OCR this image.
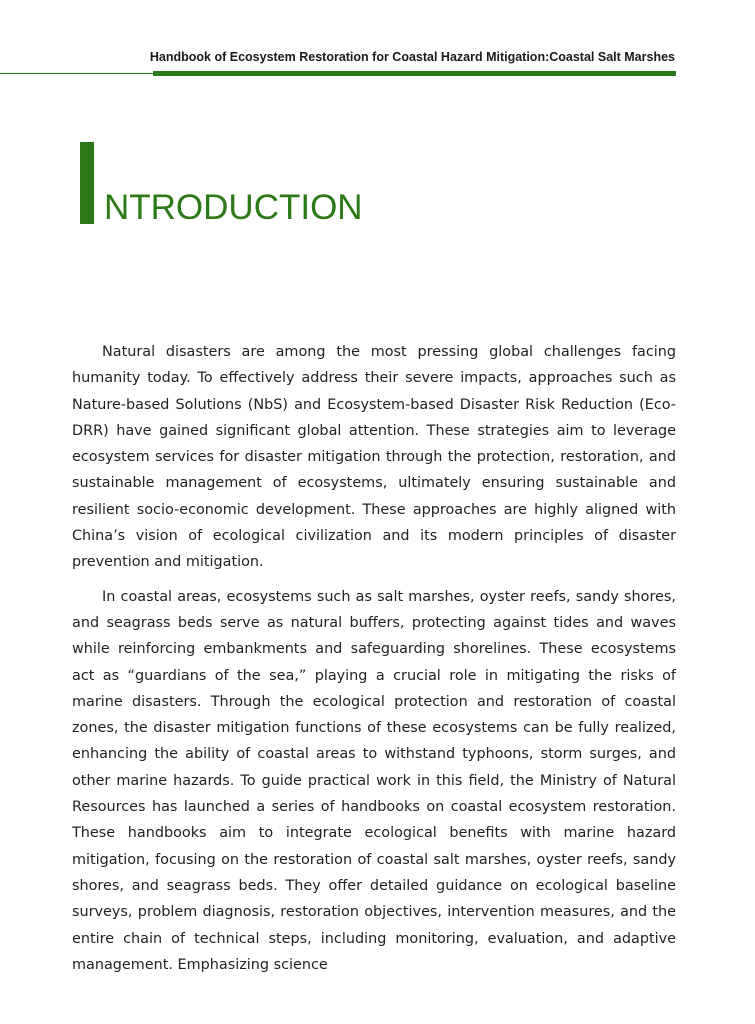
Handbook of Ecosystem Restoration for Coastal Hazard Mitigation:Coastal Salt Marshes
NTRODUCTION

Natural disasters are among the most pressing global challenges facing humanity today. To effectively address their severe impacts, approaches such as Nature-based Solutions (NbS) and Ecosystem-based Disaster Risk Reduction (Eco-DRR) have gained significant global attention. These strategies aim to leverage ecosystem services for disaster mitigation through the protection, restoration, and sustainable management of ecosystems, ultimately ensuring sustainable and resilient socio-economic development. These approaches are highly aligned with China’s vision of ecological civilization and its modern principles of disaster prevention and mitigation.

In coastal areas, ecosystems such as salt marshes, oyster reefs, sandy shores, and seagrass beds serve as natural buffers, protecting against tides and waves while reinforcing embankments and safeguarding shorelines. These ecosystems act as “guardians of the sea,” playing a crucial role in mitigating the risks of marine disasters. Through the ecological protection and restoration of coastal zones, the disaster mitigation functions of these ecosystems can be fully realized, enhancing the ability of coastal areas to withstand typhoons, storm surges, and other marine hazards. To guide practical work in this field, the Ministry of Natural Resources has launched a series of handbooks on coastal ecosystem restoration. These handbooks aim to integrate ecological benefits with marine hazard mitigation, focusing on the restoration of coastal salt marshes, oyster reefs, sandy shores, and seagrass beds. They offer detailed guidance on ecological baseline surveys, problem diagnosis, restoration objectives, intervention measures, and the entire chain of technical steps, including monitoring, evaluation, and adaptive management. Emphasizing science
